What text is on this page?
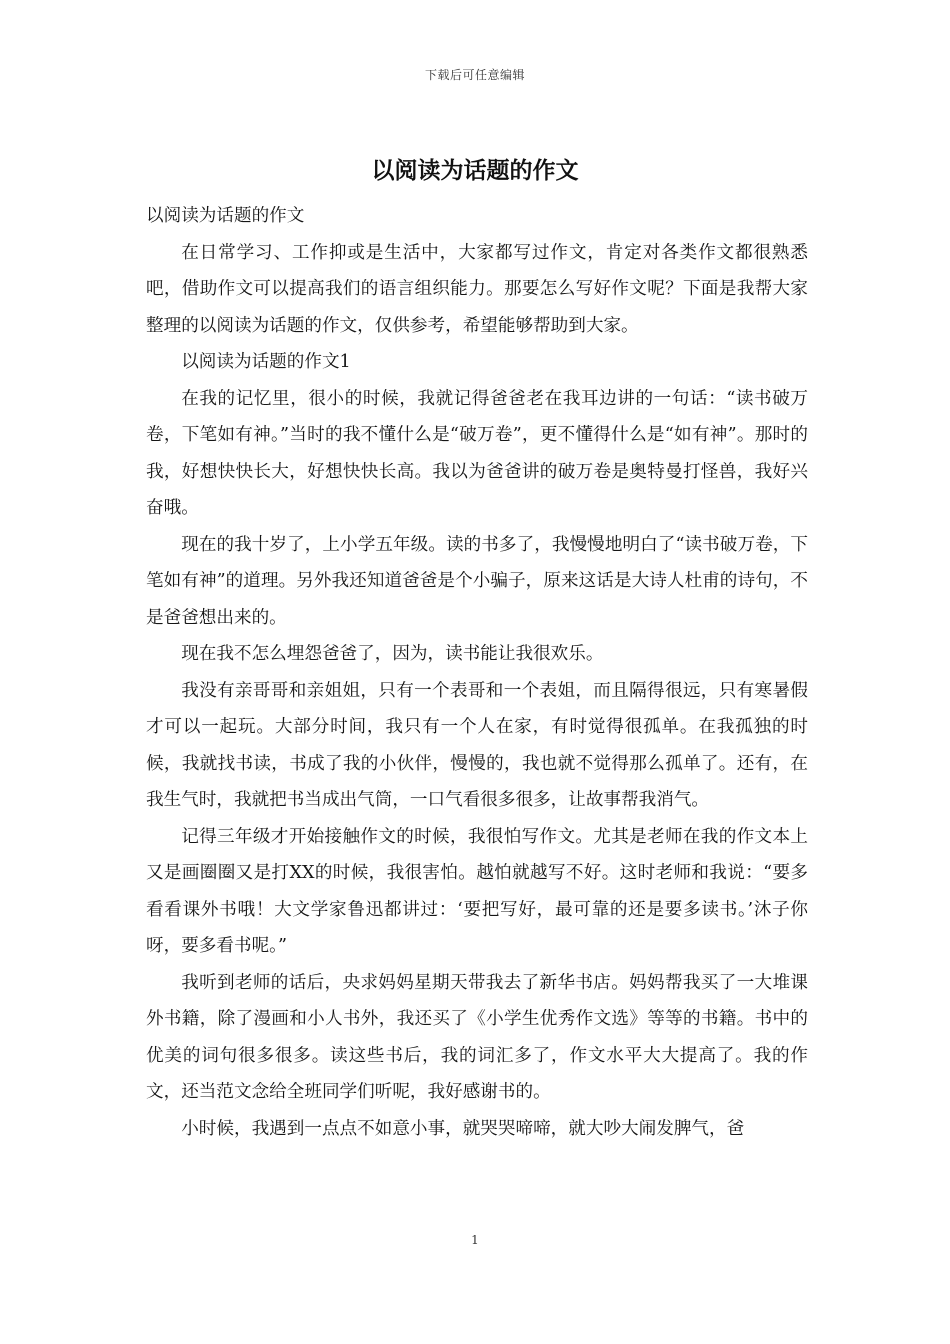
下载后可任意编辑
以阅读为话题的作文

以阅读为话题的作文

在日常学习、工作抑或是生活中，大家都写过作文，肯定对各类作文都很熟悉吧，借助作文可以提高我们的语言组织能力。那要怎么写好作文呢？下面是我帮大家整理的以阅读为话题的作文，仅供参考，希望能够帮助到大家。

以阅读为话题的作文1

在我的记忆里，很小的时候，我就记得爸爸老在我耳边讲的一句话：“读书破万卷，下笔如有神。”当时的我不懂什么是“破万卷”，更不懂得什么是“如有神”。那时的我，好想快快长大，好想快快长高。我以为爸爸讲的破万卷是奥特曼打怪兽，我好兴奋哦。

现在的我十岁了，上小学五年级。读的书多了，我慢慢地明白了“读书破万卷，下笔如有神”的道理。另外我还知道爸爸是个小骗子，原来这话是大诗人杜甫的诗句，不是爸爸想出来的。

现在我不怎么埋怨爸爸了，因为，读书能让我很欢乐。

我没有亲哥哥和亲姐姐，只有一个表哥和一个表姐，而且隔得很远，只有寒暑假才可以一起玩。大部分时间，我只有一个人在家，有时觉得很孤单。在我孤独的时候，我就找书读，书成了我的小伙伴，慢慢的，我也就不觉得那么孤单了。还有，在我生气时，我就把书当成出气筒，一口气看很多很多，让故事帮我消气。

记得三年级才开始接触作文的时候，我很怕写作文。尤其是老师在我的作文本上又是画圈圈又是打XX的时候，我很害怕。越怕就越写不好。这时老师和我说：“要多看看课外书哦！大文学家鲁迅都讲过：‘要把写好，最可靠的还是要多读书。’沐子你呀，要多看书呢。”

我听到老师的话后，央求妈妈星期天带我去了新华书店。妈妈帮我买了一大堆课外书籍，除了漫画和小人书外，我还买了《小学生优秀作文选》等等的书籍。书中的优美的词句很多很多。读这些书后，我的词汇多了，作文水平大大提高了。我的作文，还当范文念给全班同学们听呢，我好感谢书的。

小时候，我遇到一点点不如意小事，就哭哭啼啼，就大吵大闹发脾气，爸

1
